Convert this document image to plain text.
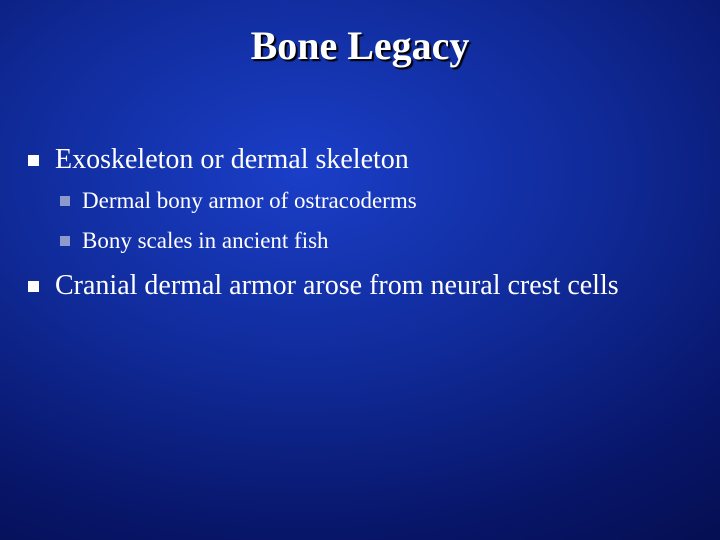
Bone Legacy
Exoskeleton or dermal skeleton
Dermal bony armor of ostracoderms
Bony scales in ancient fish
Cranial dermal armor arose from neural crest cells
